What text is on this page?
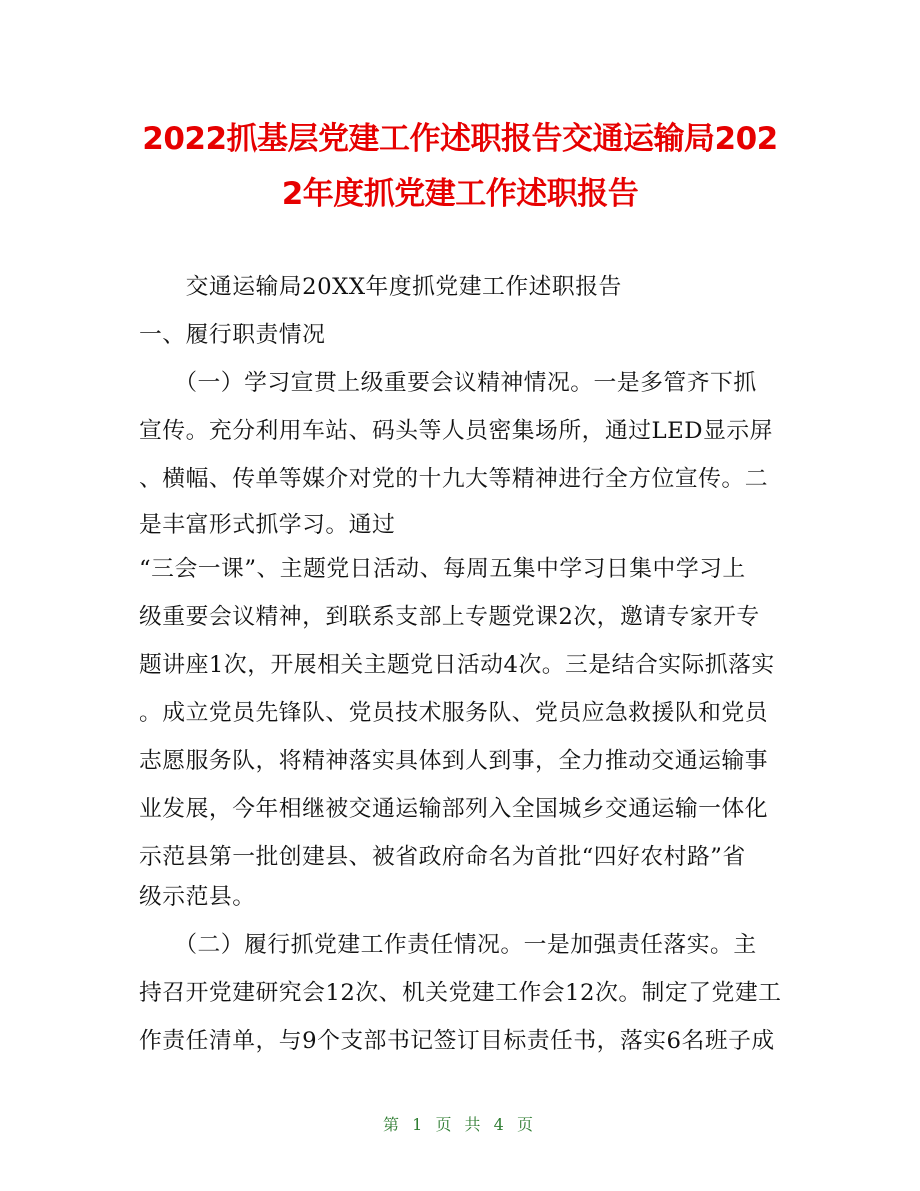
2022抓基层党建工作述职报告交通运输局202
2年度抓党建工作述职报告
　　交通运输局20XX年度抓党建工作述职报告
一、履行职责情况
　　（一）学习宣贯上级重要会议精神情况。一是多管齐下抓
宣传。充分利用车站、码头等人员密集场所，通过LED显示屏
、横幅、传单等媒介对党的十九大等精神进行全方位宣传。二
是丰富形式抓学习。通过
“三会一课”、主题党日活动、每周五集中学习日集中学习上
级重要会议精神，到联系支部上专题党课2次，邀请专家开专
题讲座1次，开展相关主题党日活动4次。三是结合实际抓落实
。成立党员先锋队、党员技术服务队、党员应急救援队和党员
志愿服务队，将精神落实具体到人到事，全力推动交通运输事
业发展，今年相继被交通运输部列入全国城乡交通运输一体化
示范县第一批创建县、被省政府命名为首批“四好农村路”省
级示范县。
　　（二）履行抓党建工作责任情况。一是加强责任落实。主
持召开党建研究会12次、机关党建工作会12次。制定了党建工
作责任清单，与9个支部书记签订目标责任书，落实6名班子成
第 1 页 共 4 页
